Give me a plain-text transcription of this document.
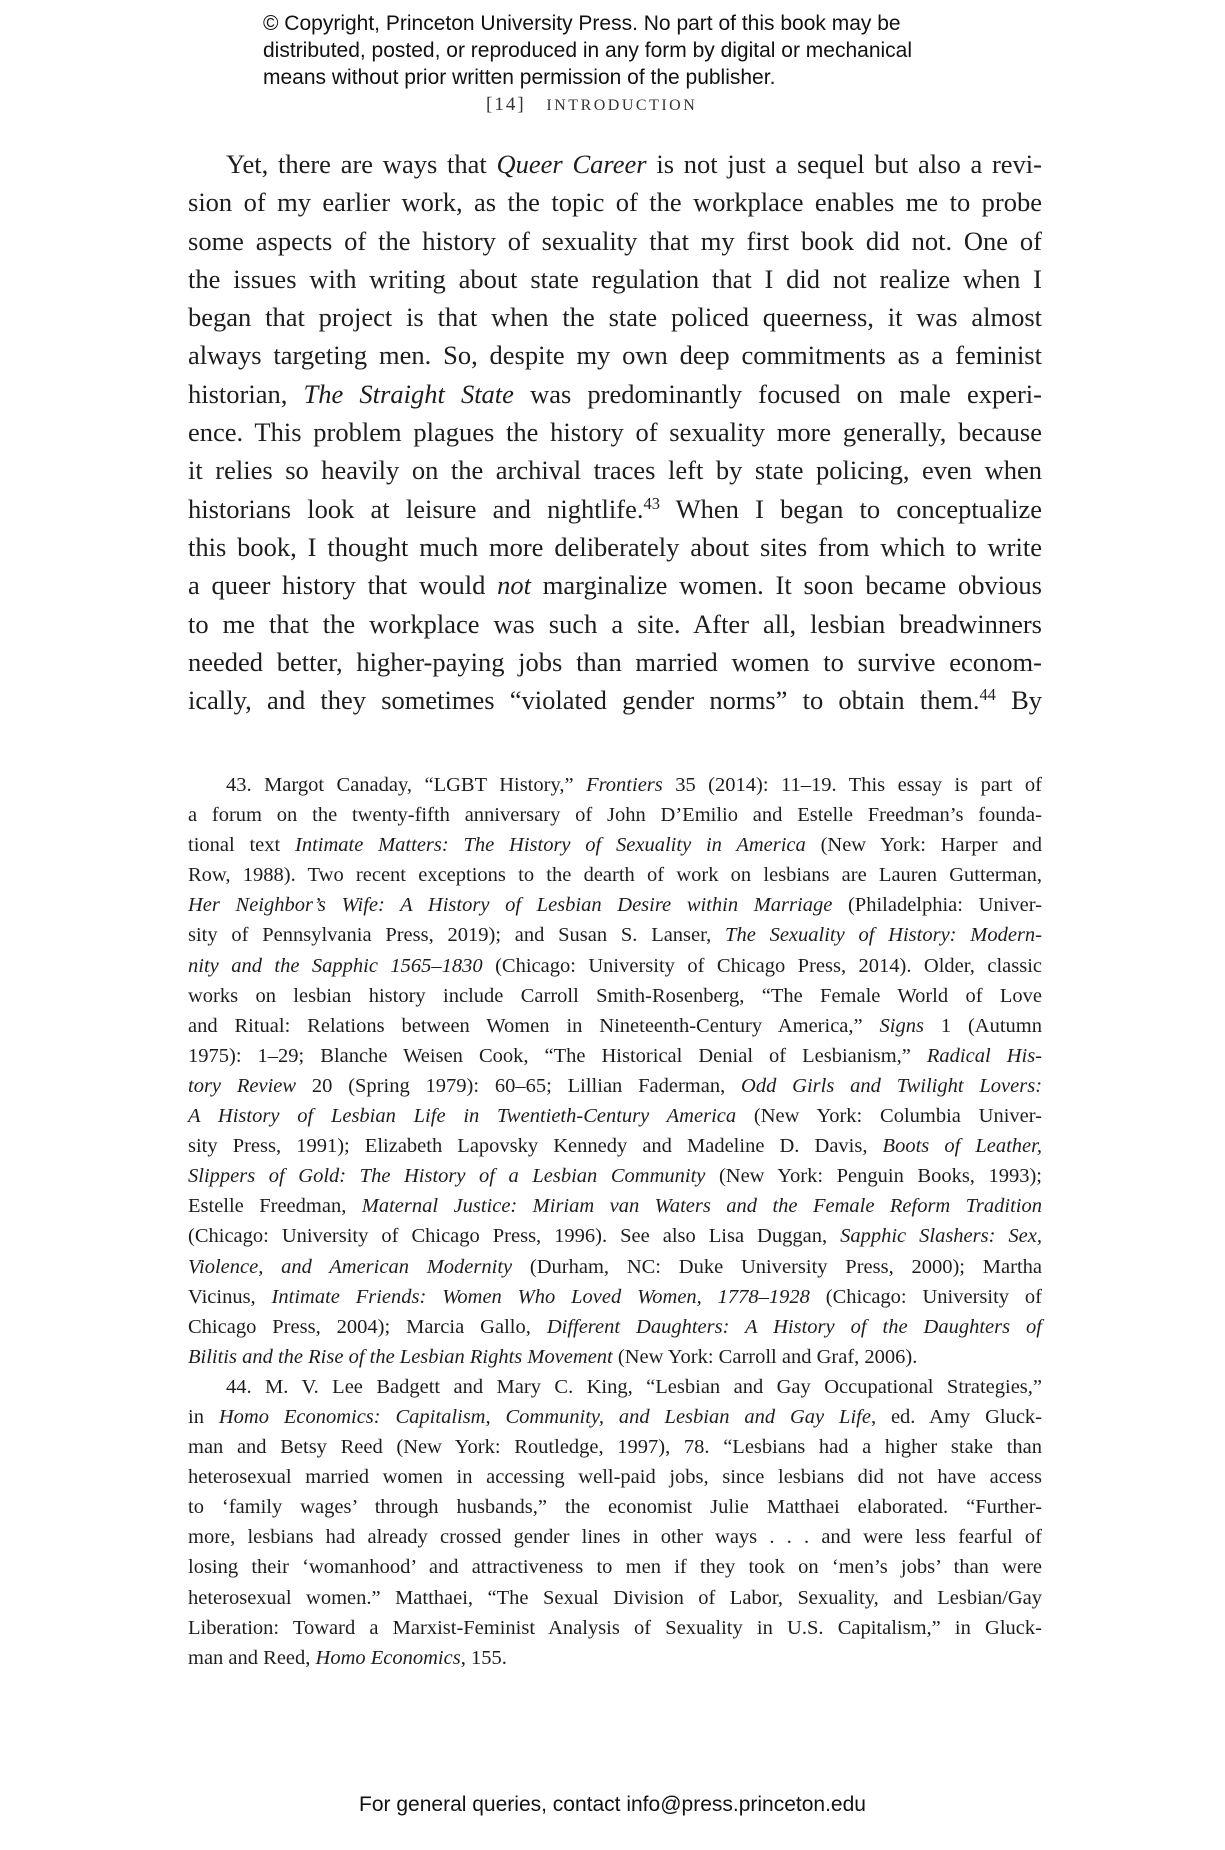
© Copyright, Princeton University Press. No part of this book may be
distributed, posted, or reproduced in any form by digital or mechanical
means without prior written permission of the publisher.
[14] INTRODUCTION
Yet, there are ways that Queer Career is not just a sequel but also a revi-
sion of my earlier work, as the topic of the workplace enables me to probe
some aspects of the history of sexuality that my first book did not. One of
the issues with writing about state regulation that I did not realize when I
began that project is that when the state policed queerness, it was almost
always targeting men. So, despite my own deep commitments as a feminist
historian, The Straight State was predominantly focused on male experi-
ence. This problem plagues the history of sexuality more generally, because
it relies so heavily on the archival traces left by state policing, even when
historians look at leisure and nightlife.$^{43}$ When I began to conceptualize
this book, I thought much more deliberately about sites from which to write
a queer history that would not marginalize women. It soon became obvious
to me that the workplace was such a site. After all, lesbian breadwinners
needed better, higher-paying jobs than married women to survive econom-
ically, and they sometimes “violated gender norms” to obtain them.$^{44}$ By
43. Margot Canaday, “LGBT History,” Frontiers 35 (2014): 11–19. This essay is part of
a forum on the twenty-fifth anniversary of John D’Emilio and Estelle Freedman’s founda-
tional text Intimate Matters: The History of Sexuality in America (New York: Harper and
Row, 1988). Two recent exceptions to the dearth of work on lesbians are Lauren Gutterman,
Her Neighbor’s Wife: A History of Lesbian Desire within Marriage (Philadelphia: Univer-
sity of Pennsylvania Press, 2019); and Susan S. Lanser, The Sexuality of History: Modern-
nity and the Sapphic 1565–1830 (Chicago: University of Chicago Press, 2014). Older, classic
works on lesbian history include Carroll Smith-Rosenberg, “The Female World of Love
and Ritual: Relations between Women in Nineteenth-Century America,” Signs 1 (Autumn
1975): 1–29; Blanche Weisen Cook, “The Historical Denial of Lesbianism,” Radical His-
tory Review 20 (Spring 1979): 60–65; Lillian Faderman, Odd Girls and Twilight Lovers:
A History of Lesbian Life in Twentieth-Century America (New York: Columbia Univer-
sity Press, 1991); Elizabeth Lapovsky Kennedy and Madeline D. Davis, Boots of Leather,
Slippers of Gold: The History of a Lesbian Community (New York: Penguin Books, 1993);
Estelle Freedman, Maternal Justice: Miriam van Waters and the Female Reform Tradition
(Chicago: University of Chicago Press, 1996). See also Lisa Duggan, Sapphic Slashers: Sex,
Violence, and American Modernity (Durham, NC: Duke University Press, 2000); Martha
Vicinus, Intimate Friends: Women Who Loved Women, 1778–1928 (Chicago: University of
Chicago Press, 2004); Marcia Gallo, Different Daughters: A History of the Daughters of
Bilitis and the Rise of the Lesbian Rights Movement (New York: Carroll and Graf, 2006).
44. M. V. Lee Badgett and Mary C. King, “Lesbian and Gay Occupational Strategies,”
in Homo Economics: Capitalism, Community, and Lesbian and Gay Life, ed. Amy Gluck-
man and Betsy Reed (New York: Routledge, 1997), 78. “Lesbians had a higher stake than
heterosexual married women in accessing well-paid jobs, since lesbians did not have access
to ‘family wages’ through husbands,” the economist Julie Matthaei elaborated. “Further-
more, lesbians had already crossed gender lines in other ways . . . and were less fearful of
losing their ‘womanhood’ and attractiveness to men if they took on ‘men’s jobs’ than were
heterosexual women.” Matthaei, “The Sexual Division of Labor, Sexuality, and Lesbian/Gay
Liberation: Toward a Marxist-Feminist Analysis of Sexuality in U.S. Capitalism,” in Gluck-
man and Reed, Homo Economics, 155.
For general queries, contact info@press.princeton.edu
